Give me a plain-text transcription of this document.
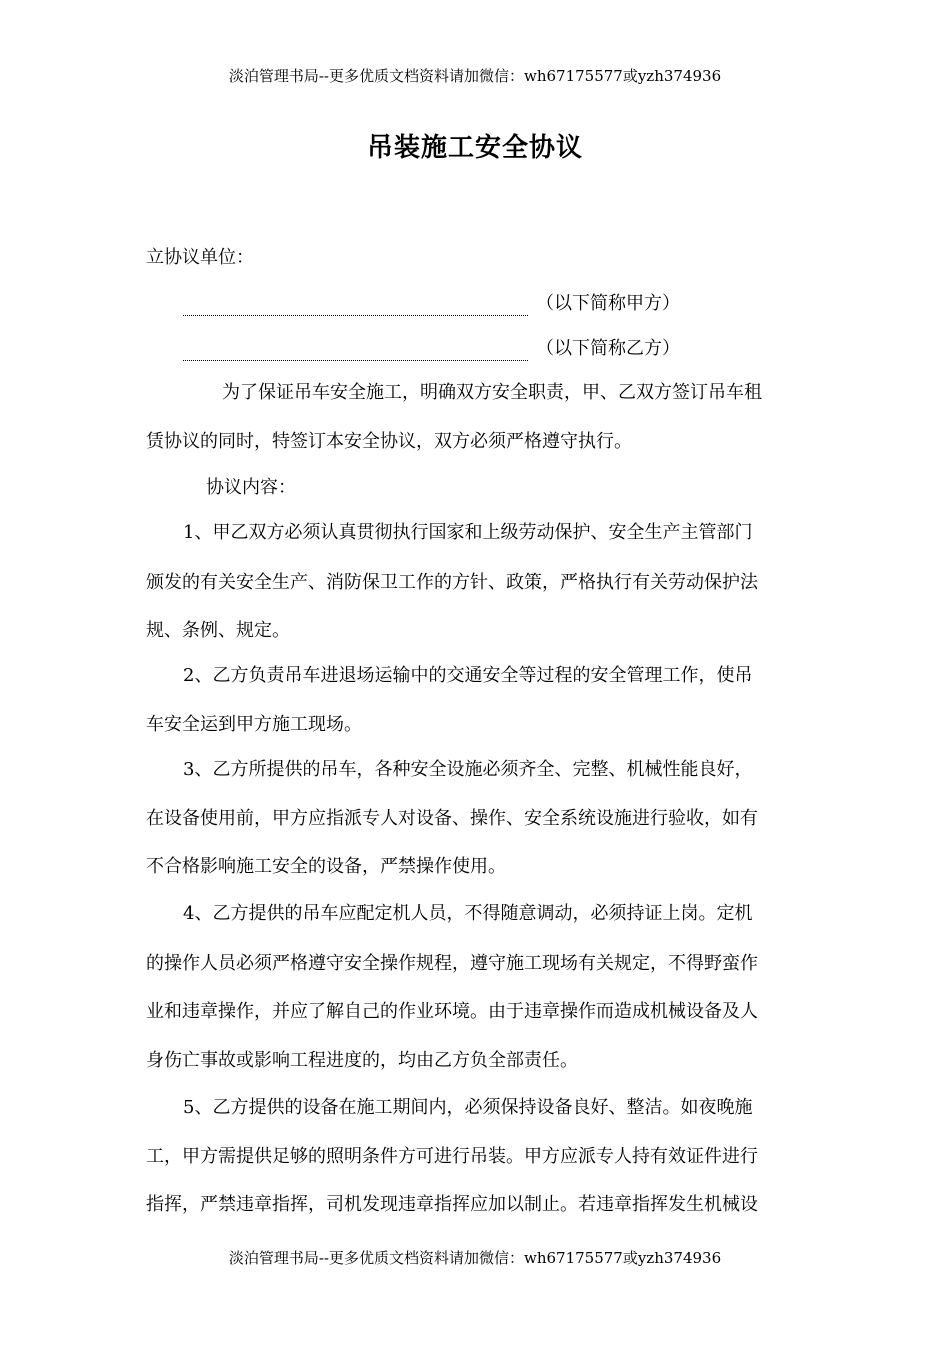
淡泊管理书局--更多优质文档资料请加微信：wh67175577或yzh374936
吊装施工安全协议
立协议单位：
（以下简称甲方）
（以下简称乙方）
为了保证吊车安全施工，明确双方安全职责，甲、乙双方签订吊车租
赁协议的同时，特签订本安全协议，双方必须严格遵守执行。
协议内容：
1、甲乙双方必须认真贯彻执行国家和上级劳动保护、安全生产主管部门
颁发的有关安全生产、消防保卫工作的方针、政策，严格执行有关劳动保护法
规、条例、规定。
2、乙方负责吊车进退场运输中的交通安全等过程的安全管理工作，使吊
车安全运到甲方施工现场。
3、乙方所提供的吊车，各种安全设施必须齐全、完整、机械性能良好，
在设备使用前，甲方应指派专人对设备、操作、安全系统设施进行验收，如有
不合格影响施工安全的设备，严禁操作使用。
4、乙方提供的吊车应配定机人员，不得随意调动，必须持证上岗。定机
的操作人员必须严格遵守安全操作规程，遵守施工现场有关规定，不得野蛮作
业和违章操作，并应了解自己的作业环境。由于违章操作而造成机械设备及人
身伤亡事故或影响工程进度的，均由乙方负全部责任。
5、乙方提供的设备在施工期间内，必须保持设备良好、整洁。如夜晚施
工，甲方需提供足够的照明条件方可进行吊装。甲方应派专人持有效证件进行
指挥，严禁违章指挥，司机发现违章指挥应加以制止。若违章指挥发生机械设
淡泊管理书局--更多优质文档资料请加微信：wh67175577或yzh374936
